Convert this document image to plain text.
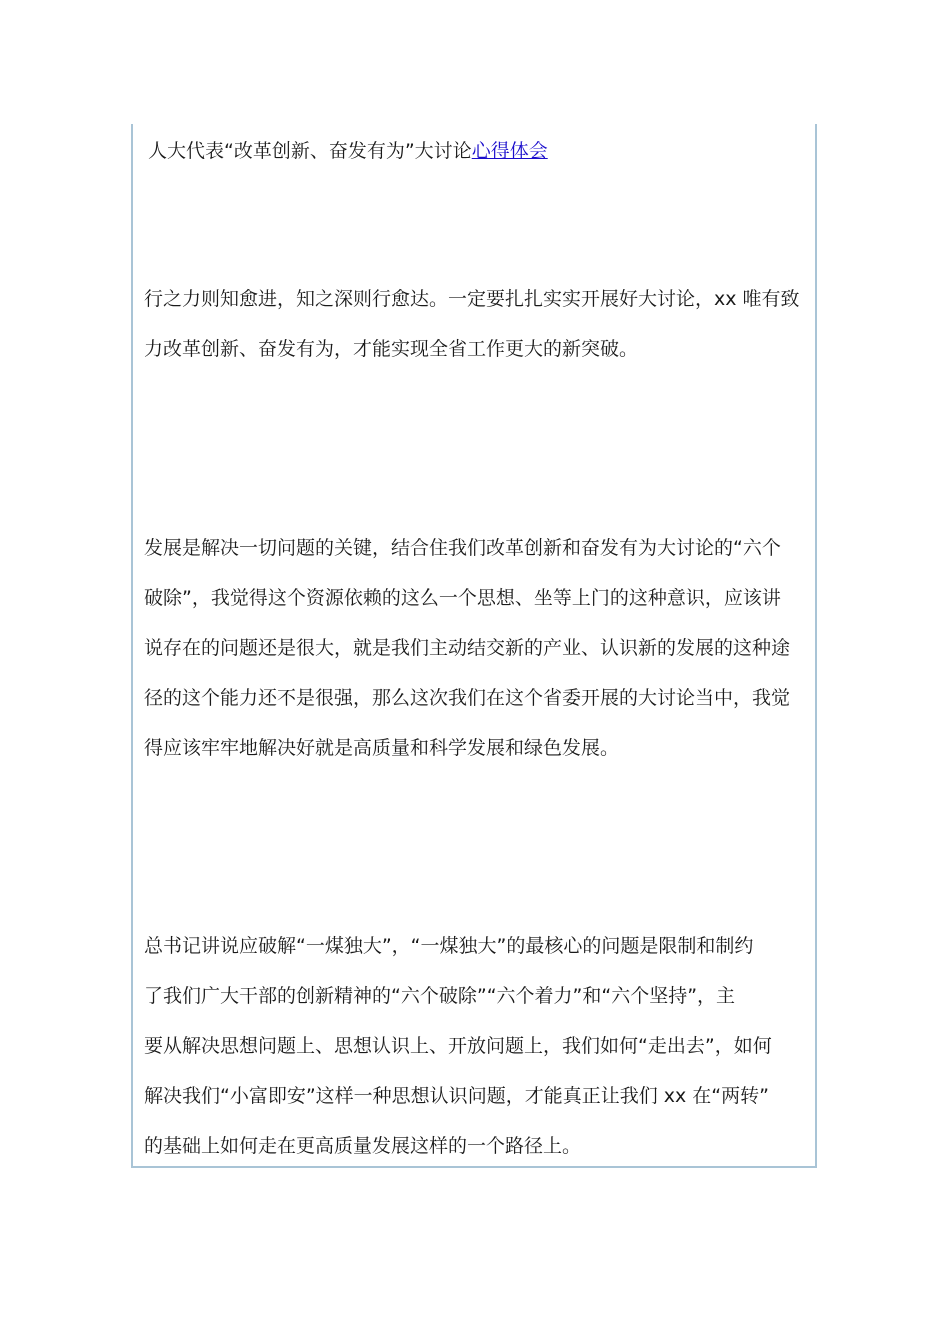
人大代表“改革创新、奋发有为”大讨论心得体会
行之力则知愈进，知之深则行愈达。一定要扎扎实实开展好大讨论，xx 唯有致
力改革创新、奋发有为，才能实现全省工作更大的新突破。
发展是解决一切问题的关键，结合住我们改革创新和奋发有为大讨论的“六个
破除”，我觉得这个资源依赖的这么一个思想、坐等上门的这种意识，应该讲
说存在的问题还是很大，就是我们主动结交新的产业、认识新的发展的这种途
径的这个能力还不是很强，那么这次我们在这个省委开展的大讨论当中，我觉
得应该牢牢地解决好就是高质量和科学发展和绿色发展。
总书记讲说应破解“一煤独大”，“一煤独大”的最核心的问题是限制和制约
了我们广大干部的创新精神的“六个破除”“六个着力”和“六个坚持”，主
要从解决思想问题上、思想认识上、开放问题上，我们如何“走出去”，如何
解决我们“小富即安”这样一种思想认识问题，才能真正让我们 xx 在“两转”
的基础上如何走在更高质量发展这样的一个路径上。
